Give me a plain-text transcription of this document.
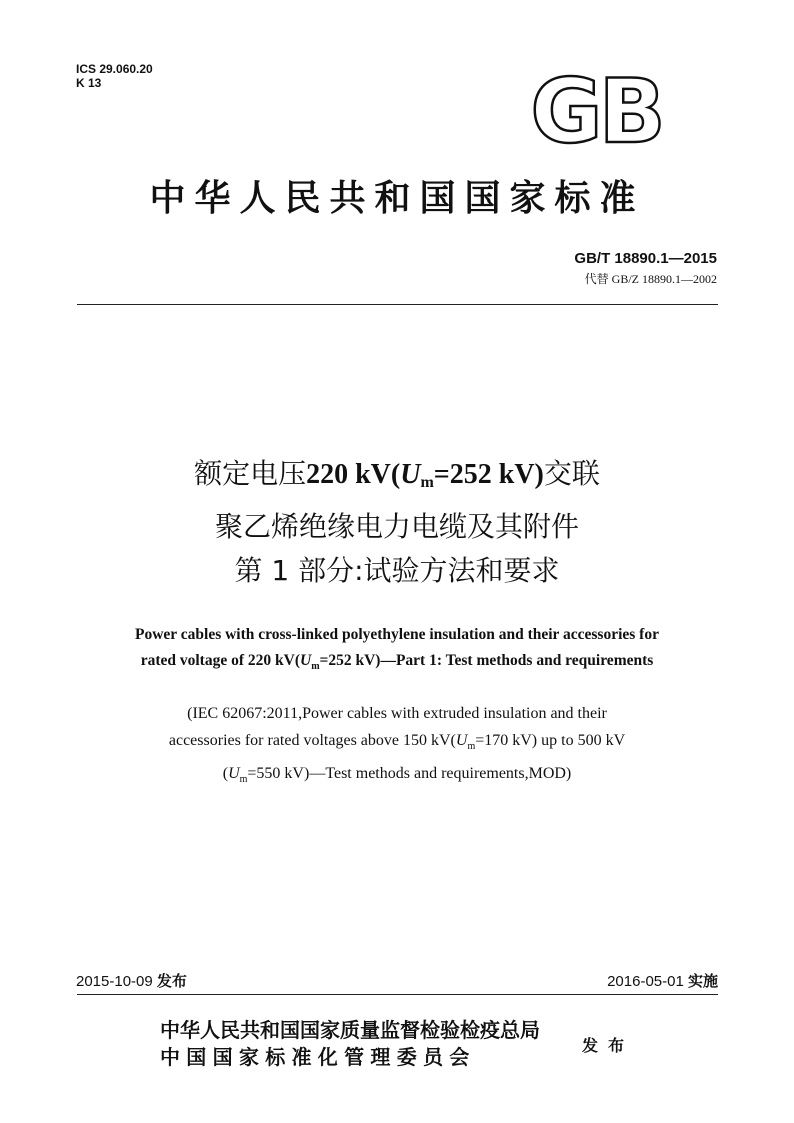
ICS 29.060.20
K 13	GB
中华人民共和国国家标准
GB/T 18890.1—2015
代替 GB/Z 18890.1—2002
额定电压220 $kV(U_m=252$ kV)交联
聚乙烯绝缘电力电缆及其附件
第 1 部分:试验方法和要求
Power cables with cross-linked polyethylene insulation and their accessories for
rated voltage of 220 $kV(U_m=252$ kV)—Part 1: Test methods and requirements
(IEC 62067:2011,Power cables with extruded insulation and their
accessories for rated voltages above 150 $kV(U_m=170$ kV) up to 500 kV
($U_m=550$ kV)—Test methods and requirements,MOD)
2015-10-09 发布	2016-05-01 实施
中华人民共和国国家质量监督检验检疫总局
中国国家标准化管理委员会	发布
